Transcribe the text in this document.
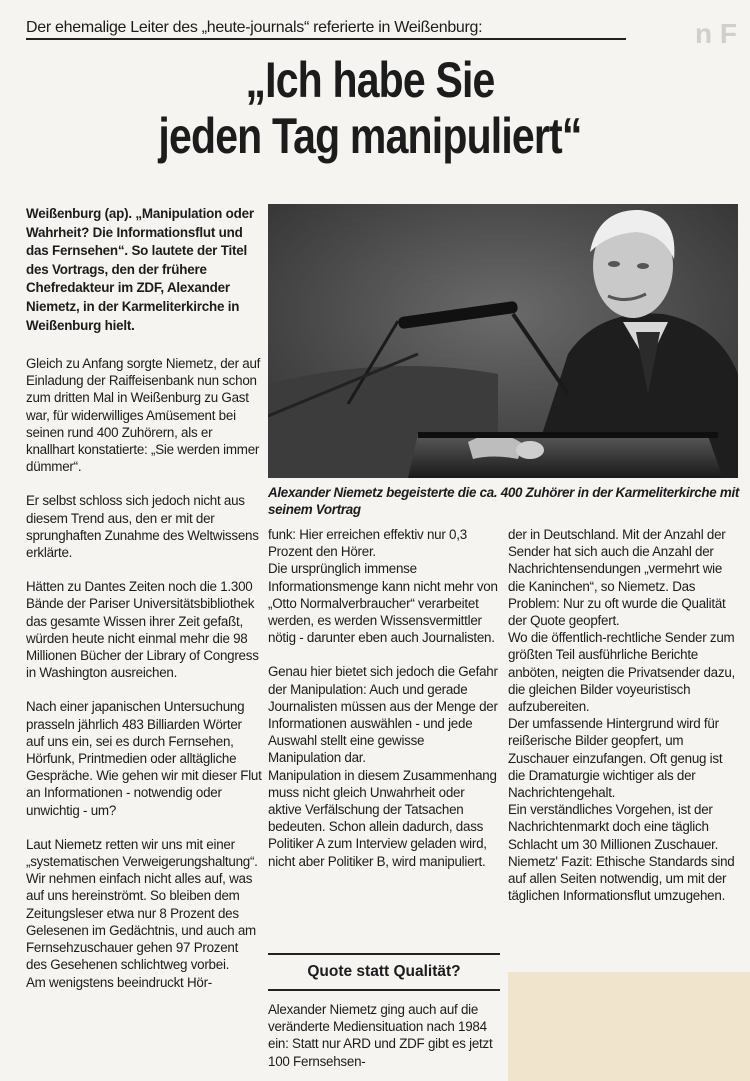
n F
Der ehemalige Leiter des „heute-journals“ referierte in Weißenburg:
„Ich habe Sie
jeden Tag manipuliert“
Weißenburg (ap). „Manipulation oder Wahrheit? Die Informationsflut und das Fernsehen“. So lautete der Titel des Vortrags, den der frühere Chefredakteur im ZDF, Alexander Niemetz, in der Karmeliterkirche in Weißenburg hielt.

Gleich zu Anfang sorgte Niemetz, der auf Einladung der Raiffeisenbank nun schon zum dritten Mal in Weißenburg zu Gast war, für widerwilliges Amüsement bei seinen rund 400 Zuhörern, als er knallhart konstatierte: „Sie werden immer dümmer“.

Er selbst schloss sich jedoch nicht aus diesem Trend aus, den er mit der sprunghaften Zunahme des Weltwissens erklärte.

Hätten zu Dantes Zeiten noch die 1.300 Bände der Pariser Universitätsbibliothek das gesamte Wissen ihrer Zeit gefaßt, würden heute nicht einmal mehr die 98 Millionen Bücher der Library of Congress in Washington ausreichen.

Nach einer japanischen Untersuchung prasseln jährlich 483 Billiarden Wörter auf uns ein, sei es durch Fernsehen, Hörfunk, Printmedien oder alltägliche Gespräche. Wie gehen wir mit dieser Flut an Informationen - notwendig oder unwichtig - um?

Laut Niemetz retten wir uns mit einer „systematischen Verweigerungshaltung“. Wir nehmen einfach nicht alles auf, was auf uns hereinströmt. So bleiben dem Zeitungsleser etwa nur 8 Prozent des Gelesenen im Gedächtnis, und auch am Fernsehzuschauer gehen 97 Prozent des Gesehenen schlichtweg vorbei.

Am wenigstens beeindruckt Hör-

Alexander Niemetz begeisterte die ca. 400 Zuhörer in der Karmeliterkirche mit seinem Vortrag

funk: Hier erreichen effektiv nur 0,3 Prozent den Hörer.

Die ursprünglich immense Informationsmenge kann nicht mehr von „Otto Normalverbraucher“ verarbeitet werden, es werden Wissensvermittler nötig - darunter eben auch Journalisten.

Genau hier bietet sich jedoch die Gefahr der Manipulation: Auch und gerade Journalisten müssen aus der Menge der Informationen auswählen - und jede Auswahl stellt eine gewisse Manipulation dar.

Manipulation in diesem Zusammenhang muss nicht gleich Unwahrheit oder aktive Verfälschung der Tatsachen bedeuten. Schon allein dadurch, dass Politiker A zum Interview geladen wird, nicht aber Politiker B, wird manipuliert.

Quote statt Qualität?
Alexander Niemetz ging auch auf die veränderte Mediensituation nach 1984 ein: Statt nur ARD und ZDF gibt es jetzt 100 Fernsehsen-

der in Deutschland. Mit der Anzahl der Sender hat sich auch die Anzahl der Nachrichtensendungen „vermehrt wie die Kaninchen“, so Niemetz. Das Problem: Nur zu oft wurde die Qualität der Quote geopfert.

Wo die öffentlich-rechtliche Sender zum größten Teil ausführliche Berichte anböten, neigten die Privatsender dazu, die gleichen Bilder voyeuristisch aufzubereiten.

Der umfassende Hintergrund wird für reißerische Bilder geopfert, um Zuschauer einzufangen. Oft genug ist die Dramaturgie wichtiger als der Nachrichtengehalt.

Ein verständliches Vorgehen, ist der Nachrichtenmarkt doch eine täglich Schlacht um 30 Millionen Zuschauer.

Niemetz' Fazit: Ethische Standards sind auf allen Seiten notwendig, um mit der täglichen Informationsflut umzugehen.
